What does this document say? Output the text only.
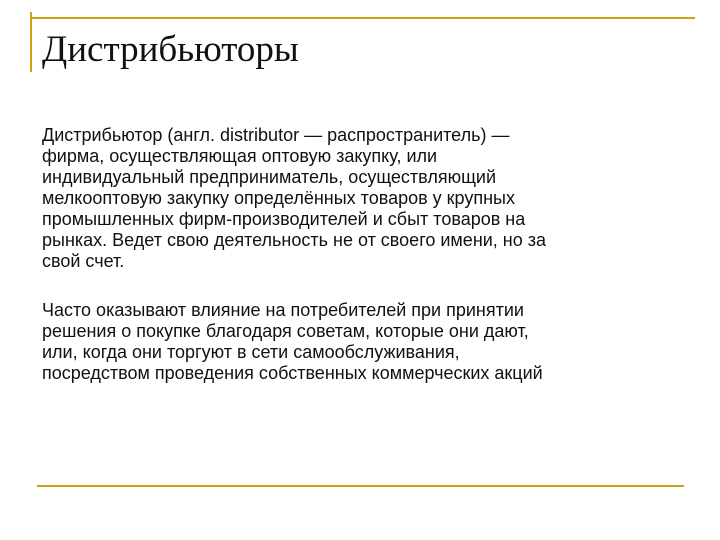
Дистрибьюторы

Дистрибьютор (англ. distributor — распространитель) —
фирма, осуществляющая оптовую закупку, или
индивидуальный предприниматель, осуществляющий
мелкооптовую закупку определённых товаров у крупных
промышленных фирм-производителей и сбыт товаров на
рынках. Ведет свою деятельность не от своего имени, но за
свой счет.

Часто оказывают влияние на потребителей при принятии
решения о покупке благодаря советам, которые они дают,
или, когда они торгуют в сети самообслуживания,
посредством проведения собственных коммерческих акций
